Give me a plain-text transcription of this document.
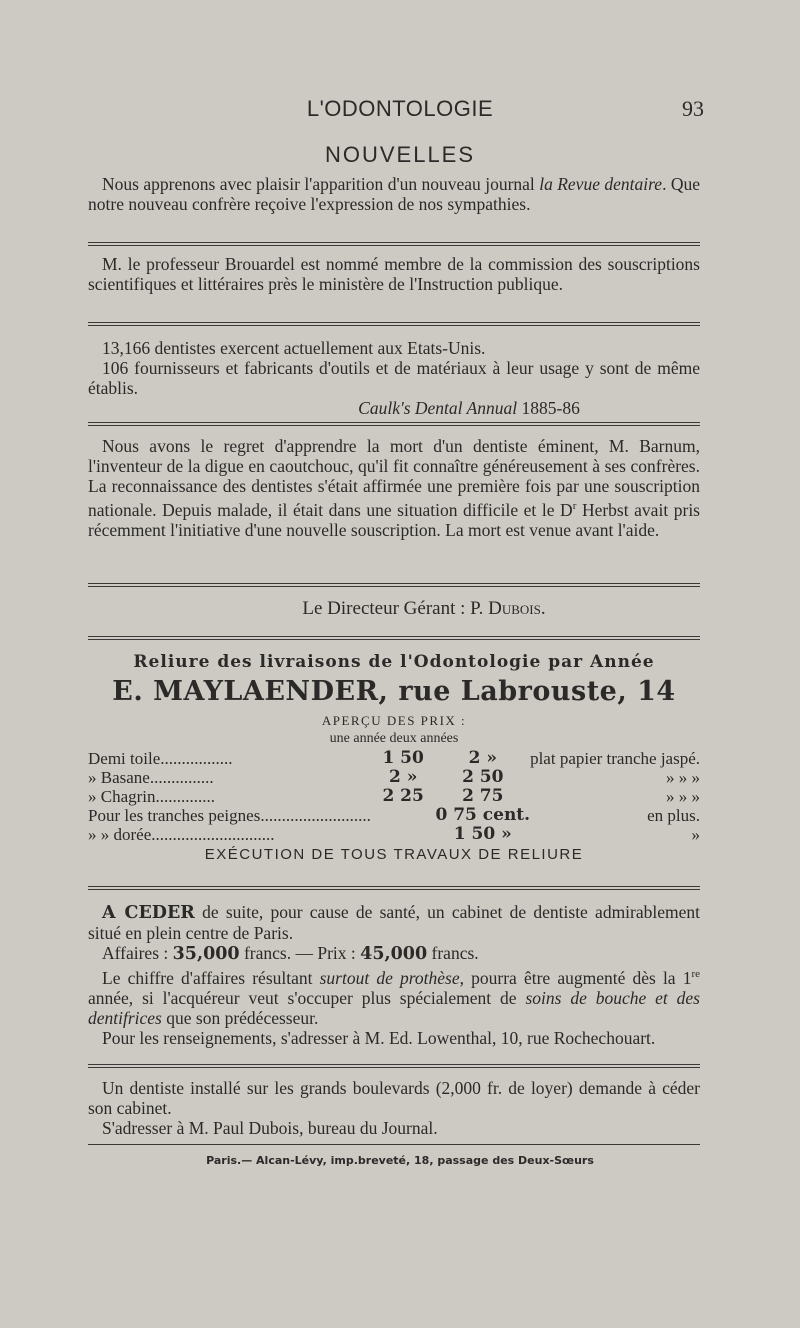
L'ODONTOLOGIE	93
NOUVELLES

Nous apprenons avec plaisir l'apparition d'un nouveau journal la Revue dentaire. Que notre nouveau confrère reçoive l'expression de nos sympathies.

M. le professeur Brouardel est nommé membre de la commission des souscriptions scientifiques et littéraires près le ministère de l'Instruction publique.

13,166 dentistes exercent actuellement aux Etats-Unis.

106 fournisseurs et fabricants d'outils et de matériaux à leur usage y sont de même établis.

Caulk's Dental Annual 1885-86

Nous avons le regret d'apprendre la mort d'un dentiste éminent, M. Barnum, l'inventeur de la digue en caoutchouc, qu'il fit connaître généreusement à ses confrères. La reconnaissance des dentistes s'était affirmée une première fois par une souscription nationale. Depuis malade, il était dans une situation difficile et le $D^r$ Herbst avait pris récemment l'initiative d'une nouvelle souscription. La mort est venue avant l'aide.

Le Directeur Gérant : P. Dubois.
Reliure des livraisons de l'Odontologie par Année
E. MAYLAENDER, rue Labrouste, 14
APERÇU DES PRIX :
une année deux années
Demi toile.................	1 50	2 »	plat papier tranche jaspé.
» Basane...............	2 »	2 50	» » »
» Chagrin..............	2 25	2 75	» » »
Pour les tranches peignes..........................		0 75 cent.	en plus.
» » dorée.............................		1 50 »	»
EXÉCUTION DE TOUS TRAVAUX DE RELIURE

A CEDER de suite, pour cause de santé, un cabinet de dentiste admirablement situé en plein centre de Paris.

Affaires : 35,000 francs. — Prix : 45,000 francs.

Le chiffre d'affaires résultant surtout de prothèse, pourra être augmenté dès la 1re année, si l'acquéreur veut s'occuper plus spécialement de soins de bouche et des dentifrices que son prédécesseur.

Pour les renseignements, s'adresser à M. Ed. Lowenthal, 10, rue Rochechouart.

Un dentiste installé sur les grands boulevards (2,000 fr. de loyer) demande à céder son cabinet.

S'adresser à M. Paul Dubois, bureau du Journal.

Paris.— Alcan-Lévy, imp.breveté, 18, passage des Deux-Sœurs
